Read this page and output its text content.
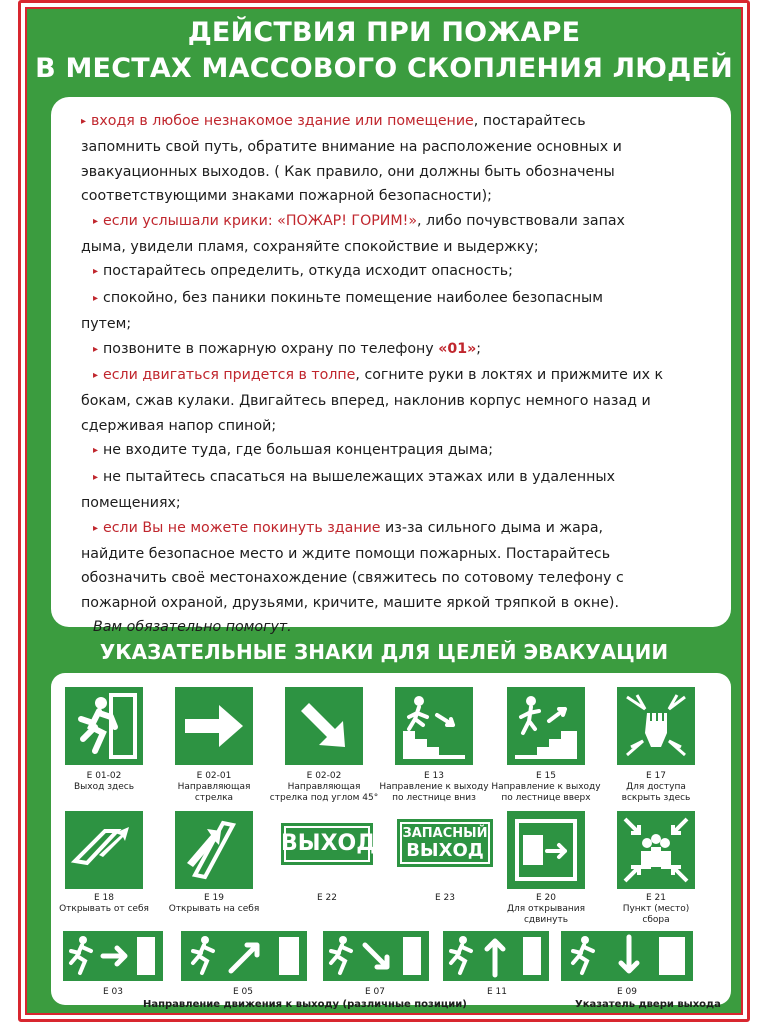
ДЕЙСТВИЯ ПРИ ПОЖАРЕ
В МЕСТАХ МАССОВОГО СКОПЛЕНИЯ ЛЮДЕЙ
▸ входя в любое незнакомое здание или помещение, постарайтесь
запомнить свой путь, обратите внимание на расположение основных и
эвакуационных выходов. ( Как правило, они должны быть обозначены
соответствующими знаками пожарной безопасности);
▸ если услышали крики: «ПОЖАР! ГОРИМ!», либо почувствовали запах
дыма, увидели пламя, сохраняйте спокойствие и выдержку;
▸ постарайтесь определить, откуда исходит опасность;
▸ спокойно, без паники покиньте помещение наиболее безопасным
путем;
▸ позвоните в пожарную охрану по телефону «01»;
▸ если двигаться придется в толпе, согните руки в локтях и прижмите их к
бокам, сжав кулаки. Двигайтесь вперед, наклонив корпус немного назад и
сдерживая напор спиной;
▸ не входите туда, где большая концентрация дыма;
▸ не пытайтесь спасаться на вышележащих этажах или в удаленных
помещениях;
▸ если Вы не можете покинуть здание из-за сильного дыма и жара,
найдите безопасное место и ждите помощи пожарных. Постарайтесь
обозначить своё местонахождение (свяжитесь по сотовому телефону с
пожарной охраной, друзьями, кричите, машите яркой тряпкой в окне).
Вам обязательно помогут.
УКАЗАТЕЛЬНЫЕ ЗНАКИ ДЛЯ ЦЕЛЕЙ ЭВАКУАЦИИ
E 01-02
Выход здесь
E 02-01
Направляющая
стрелка
E 02-02
Направляющая
стрелка под углом 45°
E 13
Направление к выходу
по лестнице вниз
E 15
Направление к выходу
по лестнице вверх
E 17
Для доступа
вскрыть здесь
E 18
Открывать от себя
E 19
Открывать на себя
ВЫХОД
E 22
ЗАПАСНЫЙ
ВЫХОД
E 23	E 20
Для открывания
сдвинуть
E 21
Пункт (место)
сбора
E 03	E 05	E 07	E 11	E 09
Направление движения к выходу (различные позиции)	Указатель двери выхода
